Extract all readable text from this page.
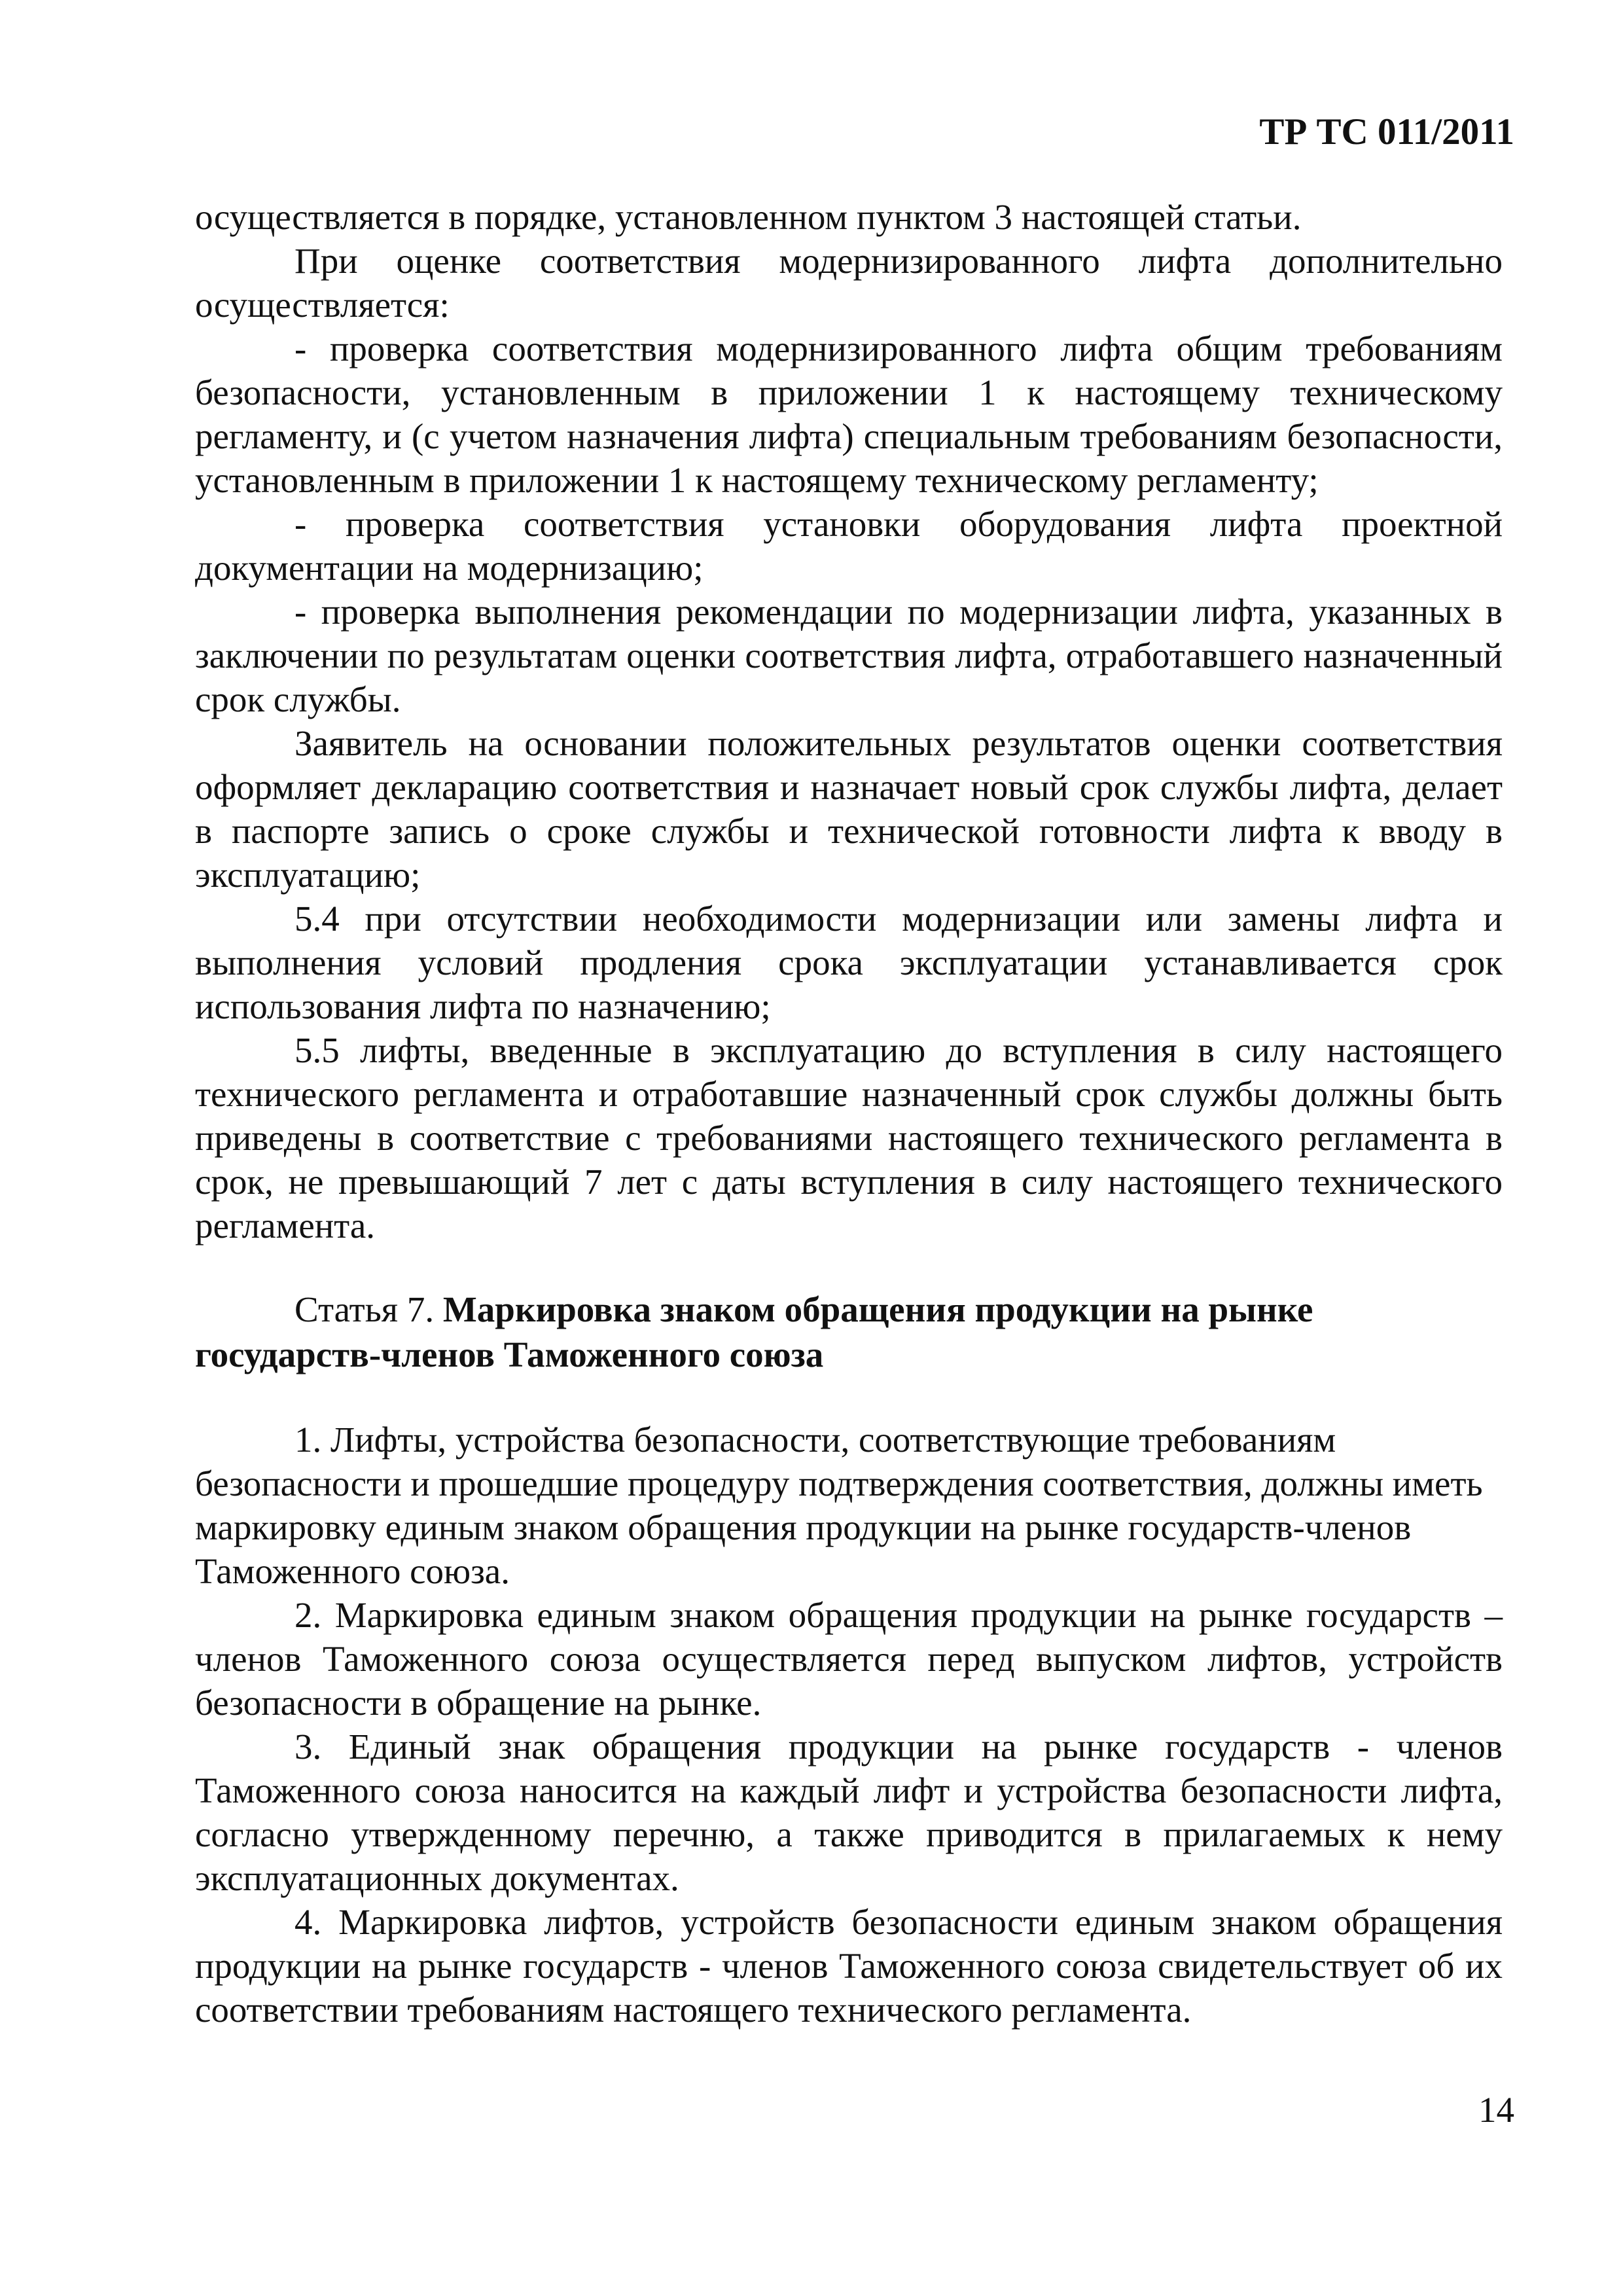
ТР ТС 011/2011

осуществляется в порядке, установленном пунктом 3 настоящей статьи.

При оценке соответствия модернизированного лифта дополнительно осуществляется:

- проверка соответствия модернизированного лифта общим требованиям безопасности, установленным в приложении 1 к настоящему техническому регламенту, и (с учетом назначения лифта) специальным требованиям безопасности, установленным в приложении 1 к настоящему техническому регламенту;

- проверка соответствия установки оборудования лифта проектной документации на модернизацию;

- проверка выполнения рекомендации по модернизации лифта, указанных в заключении по результатам оценки соответствия лифта, отработавшего назначенный срок службы.

Заявитель на основании положительных результатов оценки соответствия оформляет декларацию соответствия и назначает новый срок службы лифта, делает в паспорте запись о сроке службы и технической готовности лифта к вводу в эксплуатацию;

5.4 при отсутствии необходимости модернизации или замены лифта и выполнения условий продления срока эксплуатации устанавливается срок использования лифта по назначению;

5.5 лифты, введенные в эксплуатацию до вступления в силу настоящего технического регламента и отработавшие назначенный срок службы должны быть приведены в соответствие с требованиями настоящего технического регламента в срок, не превышающий 7 лет с даты вступления в силу настоящего технического регламента.

Статья 7. Маркировка знаком обращения продукции на рынке государств-членов Таможенного союза

1. Лифты, устройства безопасности, соответствующие требованиям безопасности и прошедшие процедуру подтверждения соответствия, должны иметь маркировку единым знаком обращения продукции на рынке государств-членов Таможенного союза.

2. Маркировка единым знаком обращения продукции на рынке государств – членов Таможенного союза осуществляется перед выпуском лифтов, устройств безопасности в обращение на рынке.

3. Единый знак обращения продукции на рынке государств - членов Таможенного союза наносится на каждый лифт и устройства безопасности лифта, согласно утвержденному перечню, а также приводится в прилагаемых к нему эксплуатационных документах.

4. Маркировка лифтов, устройств безопасности единым знаком обращения продукции на рынке государств - членов Таможенного союза свидетельствует об их соответствии требованиям настоящего технического регламента.

14
